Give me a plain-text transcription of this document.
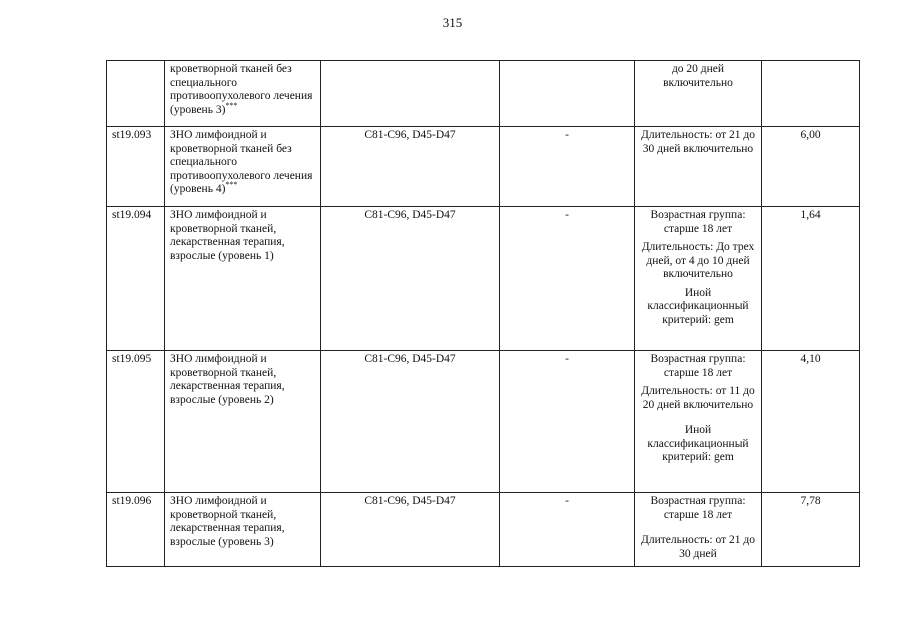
315
	кроветворной тканей без специального противоопухолевого лечения (уровень 3)***			до 20 дней включительно	

st19.093	ЗНО лимфоидной и кроветворной тканей без специального противоопухолевого лечения (уровень 4)***	C81-C96, D45-D47	-	Длительность: от 21 до 30 дней включительно	6,00
st19.094	ЗНО лимфоидной и кроветворной тканей, лекарственная терапия, взрослые (уровень 1)	C81-C96, D45-D47	-	Возрастная группа: старше 18 лет

Длительность: До трех дней, от 4 до 10 дней включительно

Иной классификационный критерий: gem	1,64
st19.095	ЗНО лимфоидной и кроветворной тканей, лекарственная терапия, взрослые (уровень 2)	C81-C96, D45-D47	-	Возрастная группа: старше 18 лет

Длительность: от 11 до 20 дней включительно

Иной классификационный критерий: gem	4,10
st19.096	ЗНО лимфоидной и кроветворной тканей, лекарственная терапия, взрослые (уровень 3)	C81-C96, D45-D47	-	Возрастная группа: старше 18 лет

Длительность: от 21 до 30 дней	7,78
